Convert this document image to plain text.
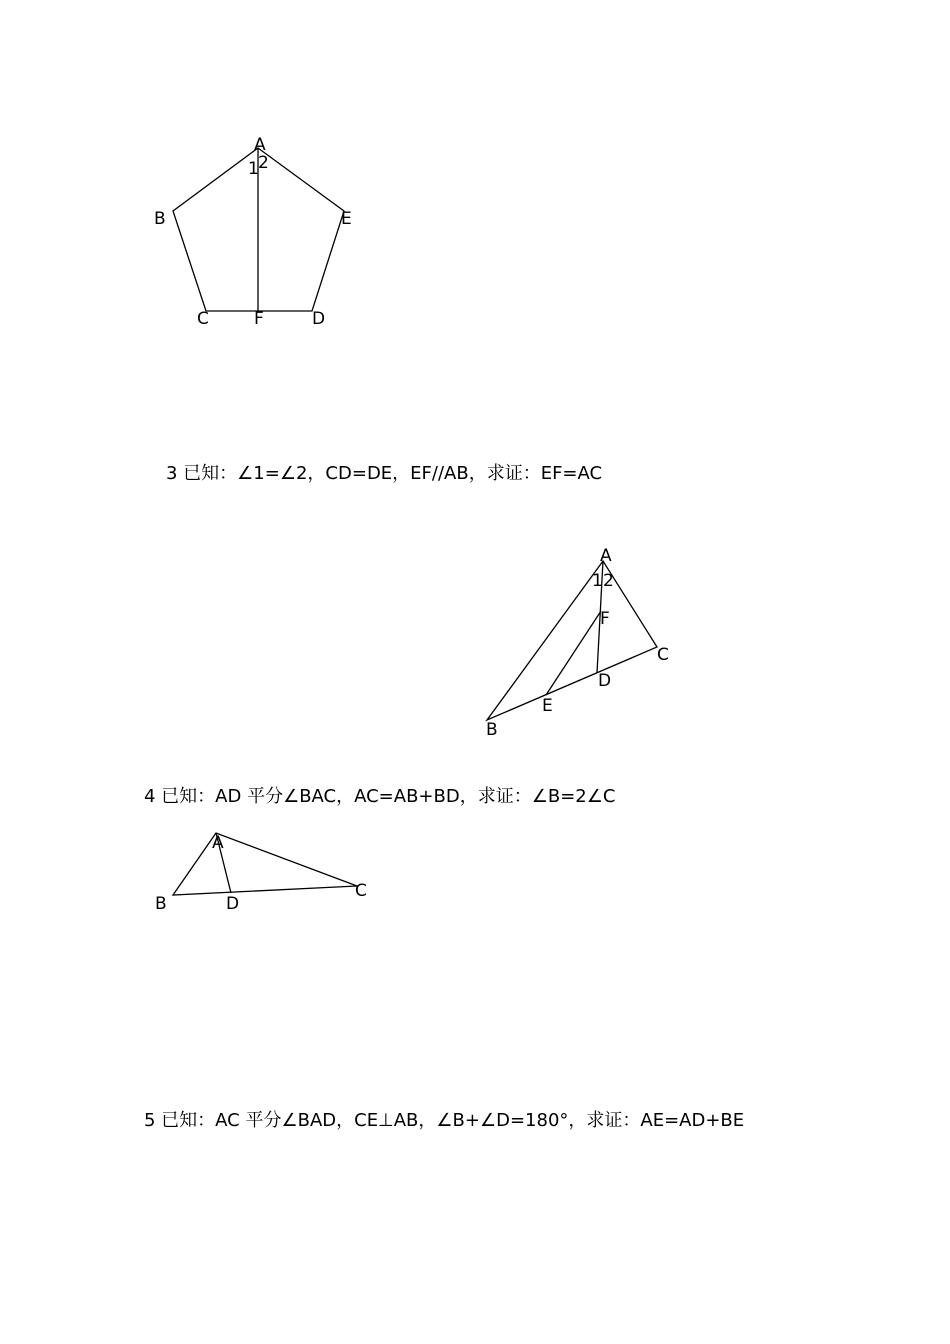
A
1 2
B	E
C	F	D
3 已知：∠1=∠2，CD=DE，EF//AB，求证：EF=AC
A
1 2
F
C
D
E
B
4 已知：AD 平分∠BAC，AC=AB+BD，求证：∠B=2∠C
A
B	D
C
5 已知：AC 平分∠BAD，CE⊥AB，∠B+∠D=180°，求证：AE=AD+BE
